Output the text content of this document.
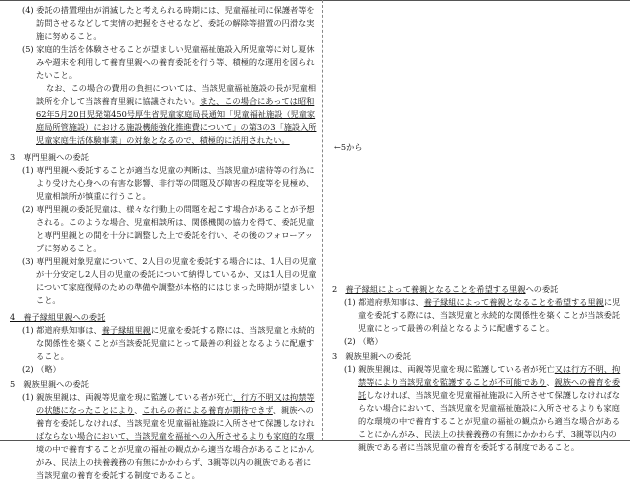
(4) 委託の措置理由が消滅したと考えられる時期には、児童福祉司に保護者等を訪問させるなどして実情の把握をさせるなど、委託の解除等措置の円滑な実施に努めること。

(5) 家庭的生活を体験させることが望ましい児童福祉施設入所児童等に対し夏休みや週末を利用して養育里親への養育委託を行う等、積極的な運用を図られたいこと。

なお、この場合の費用の負担については、当該児童福祉施設の長が児童相談所を介して当該養育里親に協議されたい。また、この場合にあっては昭和62年5月20日児発第450号厚生省児童家庭局長通知「児童福祉施設（児童家庭局所管施設）における施設機能強化推進費について」の第3の3「施設入所児童家庭生活体験事業」の対象となるので、積極的に活用されたい。

3　専門里親への委託

(1) 専門里親へ委託することが適当な児童の判断は、当該児童が虐待等の行為により受けた心身への有害な影響、非行等の問題及び障害の程度等を見極め、児童相談所が慎重に行うこと。

(2) 専門里親の委託児童は、様々な行動上の問題を起こす場合があることが予想される。このような場合、児童相談所は、関係機関の協力を得て、委託児童と専門里親との間を十分に調整した上で委託を行い、その後のフォローアップに努めること。

(3) 専門里親対象児童について、2人目の児童を委託する場合には、1人目の児童が十分安定し2人目の児童の委託について納得しているか、又は1人目の児童について家庭復帰のための準備や調整が本格的にはじまった時期が望ましいこと。

4　養子縁組里親への委託

(1) 都道府県知事は、養子縁組里親に児童を委託する際には、当該児童と永続的な関係性を築くことが当該委託児童にとって最善の利益となるように配慮すること。

(2) （略）

5　親族里親への委託

(1) 親族里親は、両親等児童を現に監護している者が死亡、行方不明又は拘禁等の状態になったことにより、これらの者による養育が期待できず、親族への養育を委託しなければ、当該児童を児童福祉施設に入所させて保護しなければならない場合において、当該児童を福祉への入所させるよりも家庭的な環境の中で養育することが児童の福祉の観点から適当な場合があることにかんがみ、民法上の扶養義務の有無にかかわらず、3親等以内の親族である者に当該児童の養育を委託する制度であること。

←5から

2　 養子縁組によって養親となることを希望する里親への委託

(1) 都道府県知事は、養子縁組によって養親となることを希望する里親に児童を委託する際には、当該児童と永続的な関係性を築くことが当該委託児童にとって最善の利益となるように配慮すること。

(2) （略）

3　親族里親への委託

(1) 親族里親は、両親等児童を現に監護している者が死亡又は行方不明、拘禁等により当該児童を監護することが不可能であり、親族への養育を委託しなければ、当該児童を児童福祉施設に入所させて保護しなければならない場合において、当該児童を児童福祉施設に入所させるよりも家庭的な環境の中で養育することが児童の福祉の観点から適当な場合があることにかんがみ、民法上の扶養義務の有無にかかわらず、3親等以内の親族である者に当該児童の養育を委託する制度であること。
